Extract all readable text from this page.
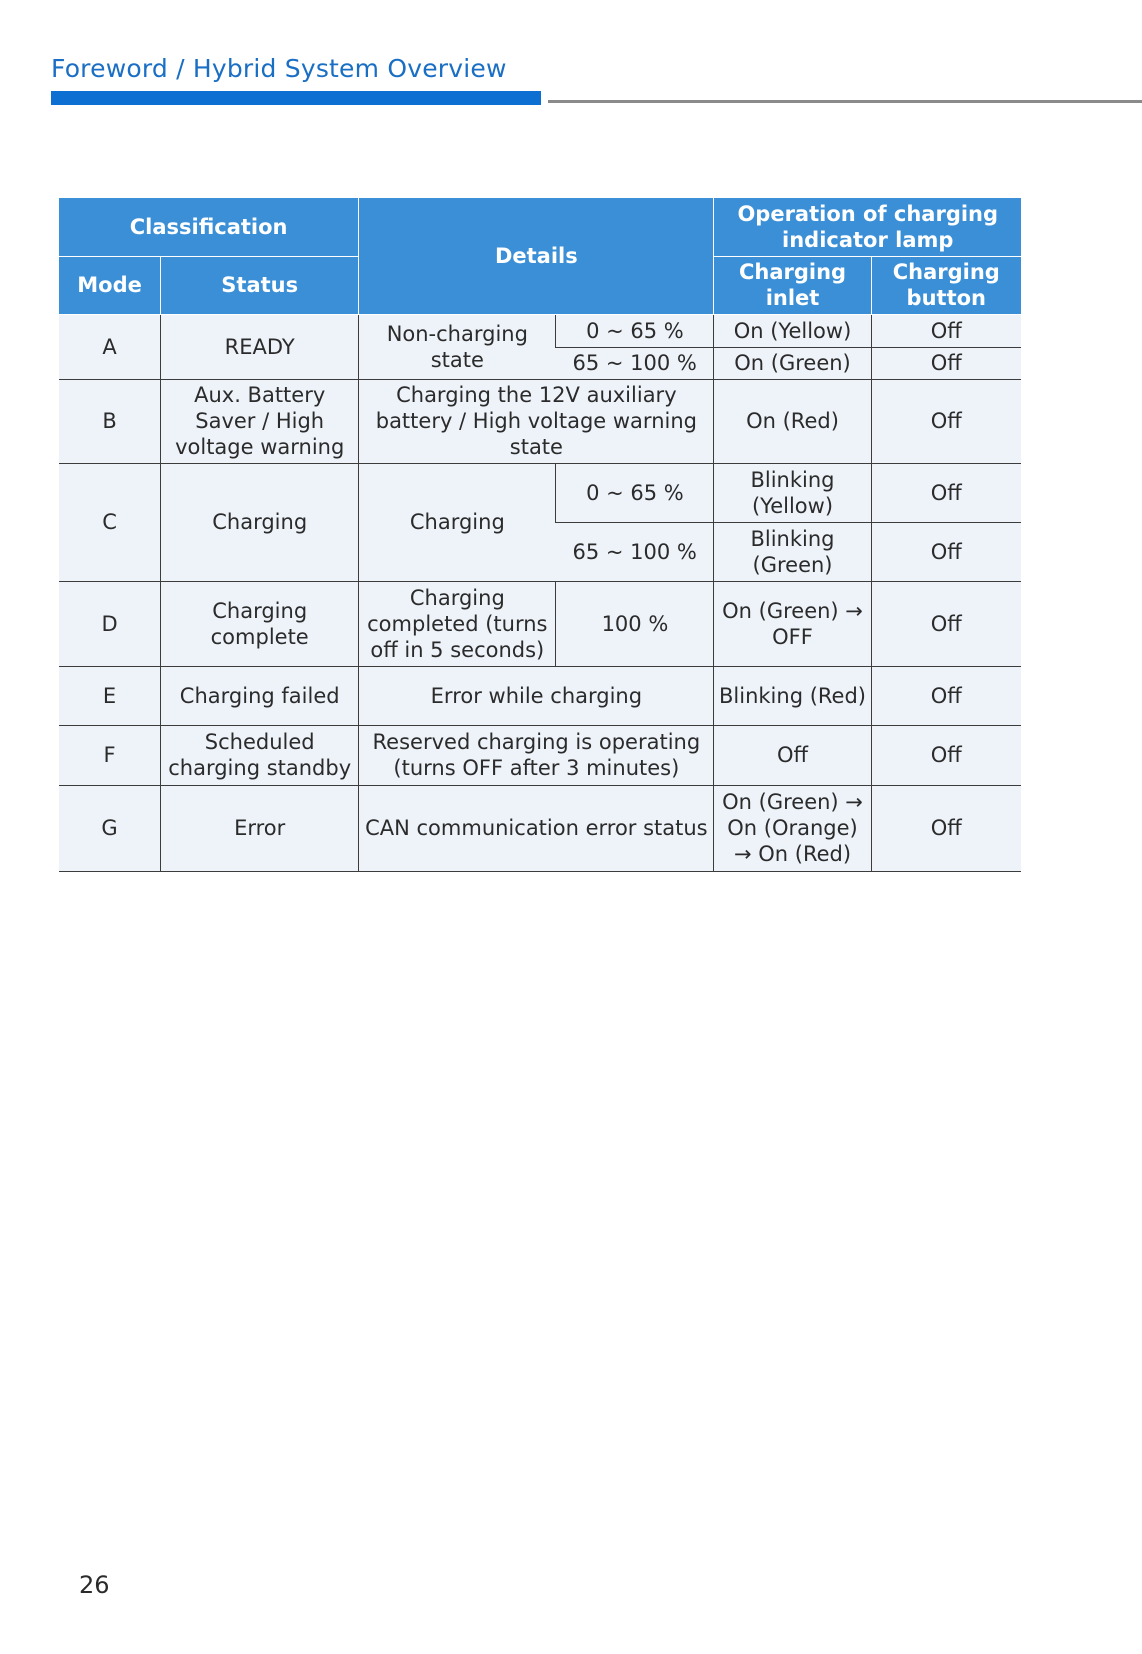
Foreword / Hybrid System Overview
Classification		Details		Operation of charging indicator lamp	
Mode	Status			Charging inlet	Charging button
A	READY	Non-charging state	0 ~ 65 %	On (Yellow)	Off
			65 ~ 100 %	On (Green)	Off
B	Aux. Battery Saver / High voltage warning	Charging the 12V auxiliary battery / High voltage warning state		On (Red)	Off
C	Charging	Charging	0 ~ 65 %	Blinking (Yellow)	Off
			65 ~ 100 %	Blinking (Green)	Off
D	Charging complete	Charging completed (turns off in 5 seconds)	100 %	On (Green) → OFF	Off
E	Charging failed	Error while charging		Blinking (Red)	Off
F	Scheduled charging standby	Reserved charging is operating (turns OFF after 3 minutes)		Off	Off
G	Error	CAN communication error status		On (Green) → On (Orange) → On (Red)	Off
26
